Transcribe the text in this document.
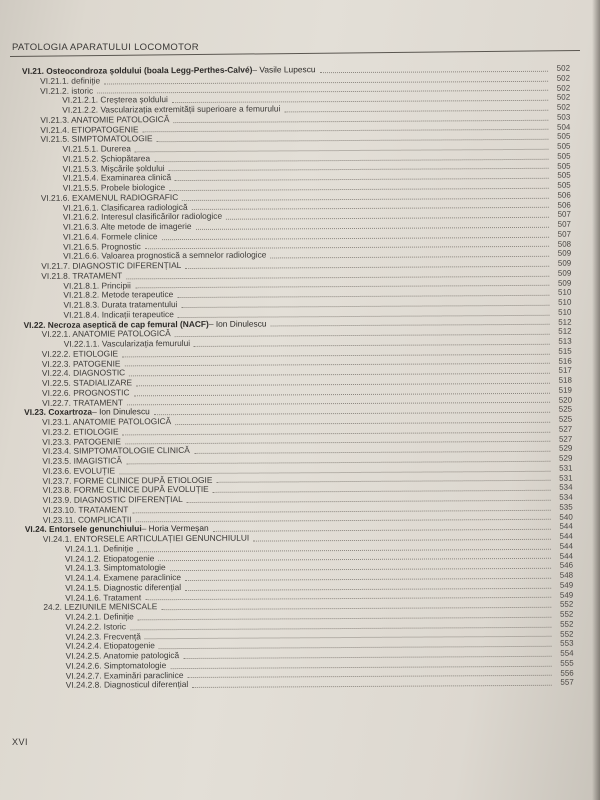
PATOLOGIA APARATULUI LOCOMOTOR
VI.21. Osteocondroza șoldului (boala Legg-Perthes-Calvé) – Vasile Lupescu	502
VI.21.1. definiție	502
VI.21.2. istoric	502
VI.21.2.1. Creșterea șoldului	502
VI.21.2.2. Vascularizația extremității superioare a femurului	502
VI.21.3. ANATOMIE PATOLOGICĂ	503
VI.21.4. ETIOPATOGENIE	504
VI.21.5. SIMPTOMATOLOGIE	505
VI.21.5.1. Durerea	505
VI.21.5.2. Șchiopătarea	505
VI.21.5.3. Mișcările șoldului	505
VI.21.5.4. Examinarea clinică	505
VI.21.5.5. Probele biologice	505
VI.21.6. EXAMENUL RADIOGRAFIC	506
VI.21.6.1. Clasificarea radiologică	506
VI.21.6.2. Interesul clasificărilor radiologice	507
VI.21.6.3. Alte metode de imagerie	507
VI.21.6.4. Formele clinice	507
VI.21.6.5. Prognostic	508
VI.21.6.6. Valoarea prognostică a semnelor radiologice	509
VI.21.7. DIAGNOSTIC DIFERENȚIAL	509
VI.21.8. TRATAMENT	509
VI.21.8.1. Principii	509
VI.21.8.2. Metode terapeutice	510
VI.21.8.3. Durata tratamentului	510
VI.21.8.4. Indicații terapeutice	510
VI.22. Necroza aseptică de cap femural (NACF) – Ion Dinulescu	512
VI.22.1. ANATOMIE PATOLOGICĂ	512
VI.22.1.1. Vascularizația femurului	513
VI.22.2. ETIOLOGIE	515
VI.22.3. PATOGENIE	516
VI.22.4. DIAGNOSTIC	517
VI.22.5. STADIALIZARE	518
VI.22.6. PROGNOSTIC	519
VI.22.7. TRATAMENT	520
VI.23. Coxartroza – Ion Dinulescu	525
VI.23.1. ANATOMIE PATOLOGICĂ	525
VI.23.2. ETIOLOGIE	527
VI.23.3. PATOGENIE	527
VI.23.4. SIMPTOMATOLOGIE CLINICĂ	529
VI.23.5. IMAGISTICĂ	529
VI.23.6. EVOLUȚIE	531
VI.23.7. FORME CLINICE DUPĂ ETIOLOGIE	531
VI.23.8. FORME CLINICE DUPĂ EVOLUȚIE	534
VI.23.9. DIAGNOSTIC DIFERENȚIAL	534
VI.23.10. TRATAMENT	535
VI.23.11. COMPLICAȚII	540
VI.24. Entorsele genunchiului – Horia Vermeșan	544
VI.24.1. ENTORSELE ARTICULAȚIEI GENUNCHIULUI	544
VI.24.1.1. Definiție	544
VI.24.1.2. Etiopatogenie	544
VI.24.1.3. Simptomatologie	546
VI.24.1.4. Examene paraclinice	548
VI.24.1.5. Diagnostic diferențial	549
VI.24.1.6. Tratament	549
24.2. LEZIUNILE MENISCALE	552
VI.24.2.1. Definiție	552
VI.24.2.2. Istoric	552
VI.24.2.3. Frecvență	552
VI.24.2.4. Etiopatogenie	553
VI.24.2.5. Anatomie patologică	554
VI.24.2.6. Simptomatologie	555
VI.24.2.7. Examinări paraclinice	556
VI.24.2.8. Diagnosticul diferențial	557
XVI
